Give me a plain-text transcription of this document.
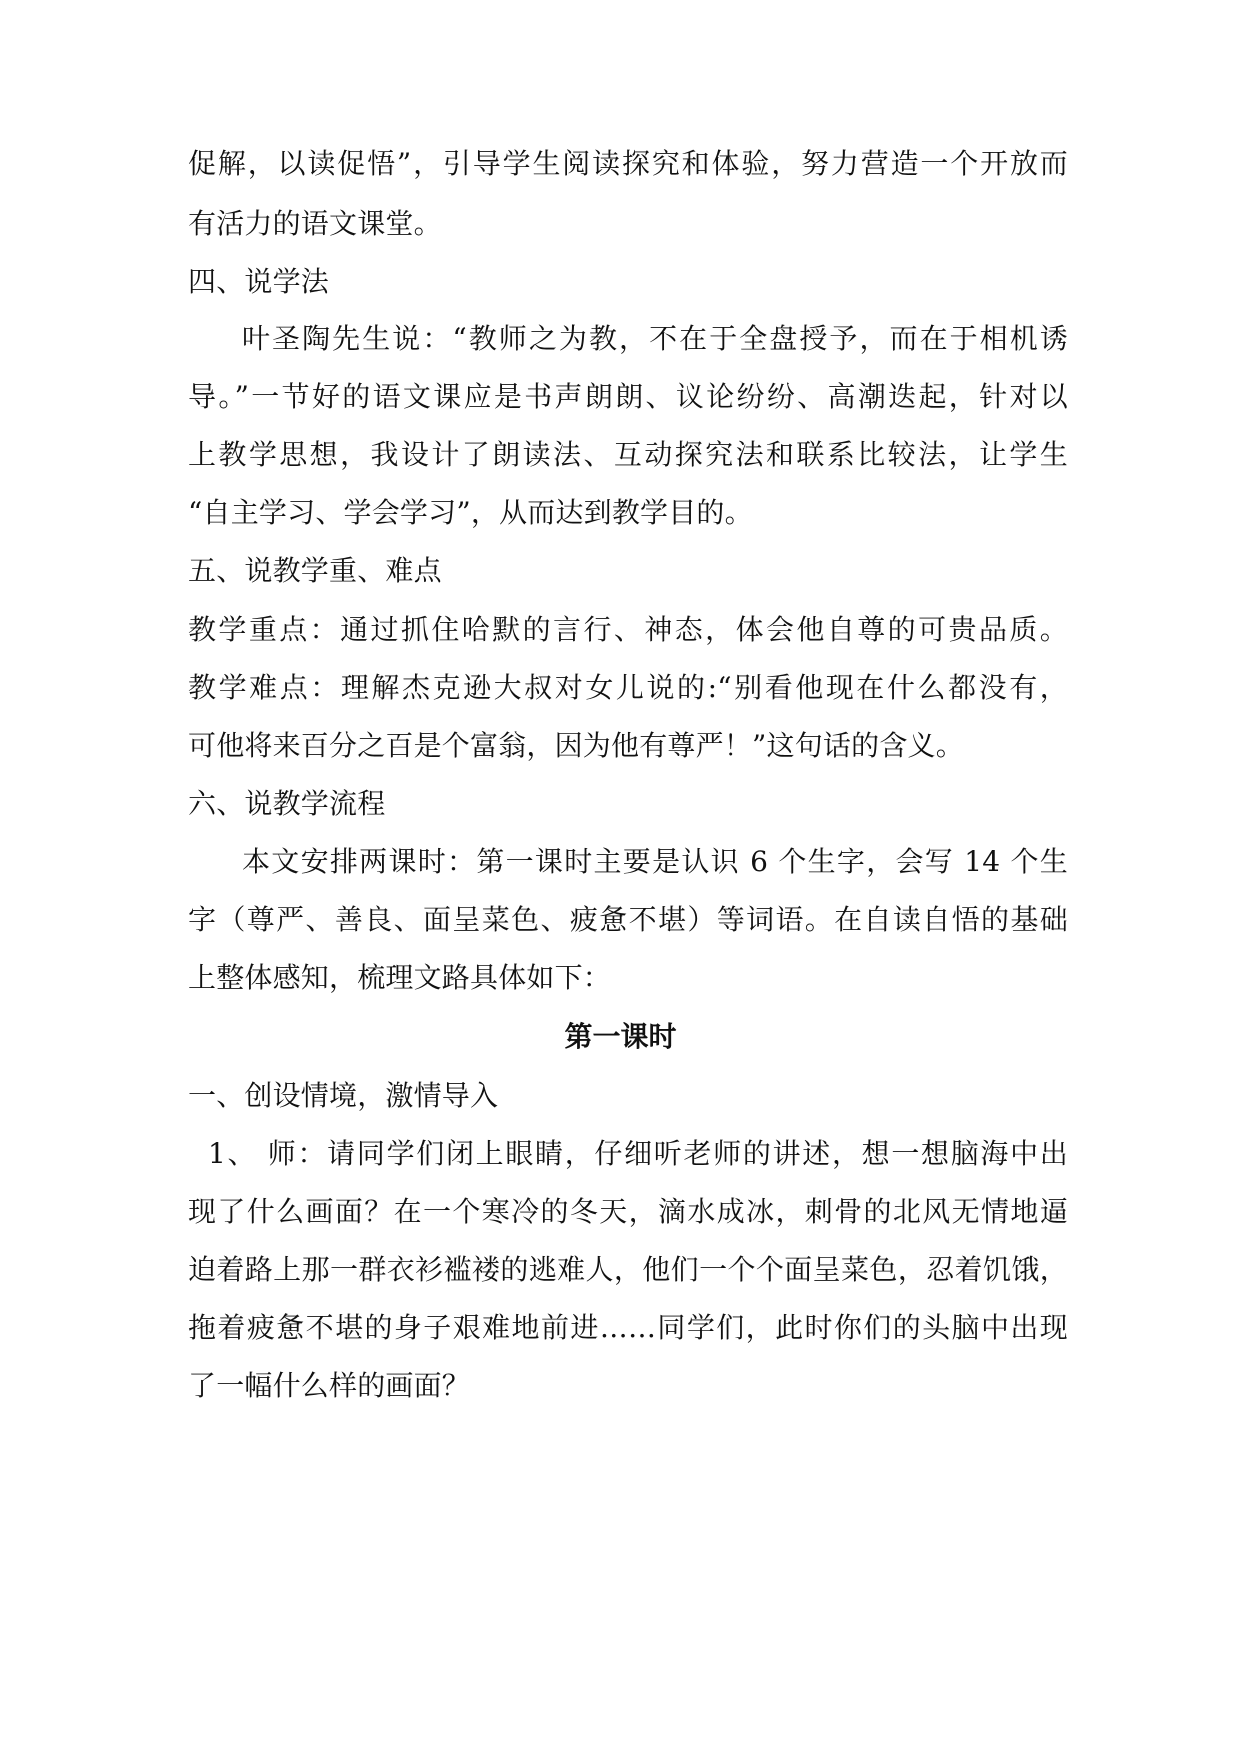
促解，以读促悟”，引导学生阅读探究和体验，努力营造一个开放而
有活力的语文课堂。
四、说学法
叶圣陶先生说：“教师之为教，不在于全盘授予，而在于相机诱
导。”一节好的语文课应是书声朗朗、议论纷纷、高潮迭起，针对以
上教学思想，我设计了朗读法、互动探究法和联系比较法，让学生
“自主学习、学会学习”，从而达到教学目的。
五、说教学重、难点
教学重点：通过抓住哈默的言行、神态，体会他自尊的可贵品质。
教学难点：理解杰克逊大叔对女儿说的:“别看他现在什么都没有，
可他将来百分之百是个富翁，因为他有尊严！”这句话的含义。
六、说教学流程
本文安排两课时：第一课时主要是认识 6 个生字，会写 14 个生
字（尊严、善良、面呈菜色、疲惫不堪）等词语。在自读自悟的基础
上整体感知，梳理文路具体如下：
第一课时
一、创设情境，激情导入
1、 师：请同学们闭上眼睛，仔细听老师的讲述，想一想脑海中出
现了什么画面？在一个寒冷的冬天，滴水成冰，刺骨的北风无情地逼
迫着路上那一群衣衫褴褛的逃难人，他们一个个面呈菜色，忍着饥饿，
拖着疲惫不堪的身子艰难地前进……同学们，此时你们的头脑中出现
了一幅什么样的画面？
